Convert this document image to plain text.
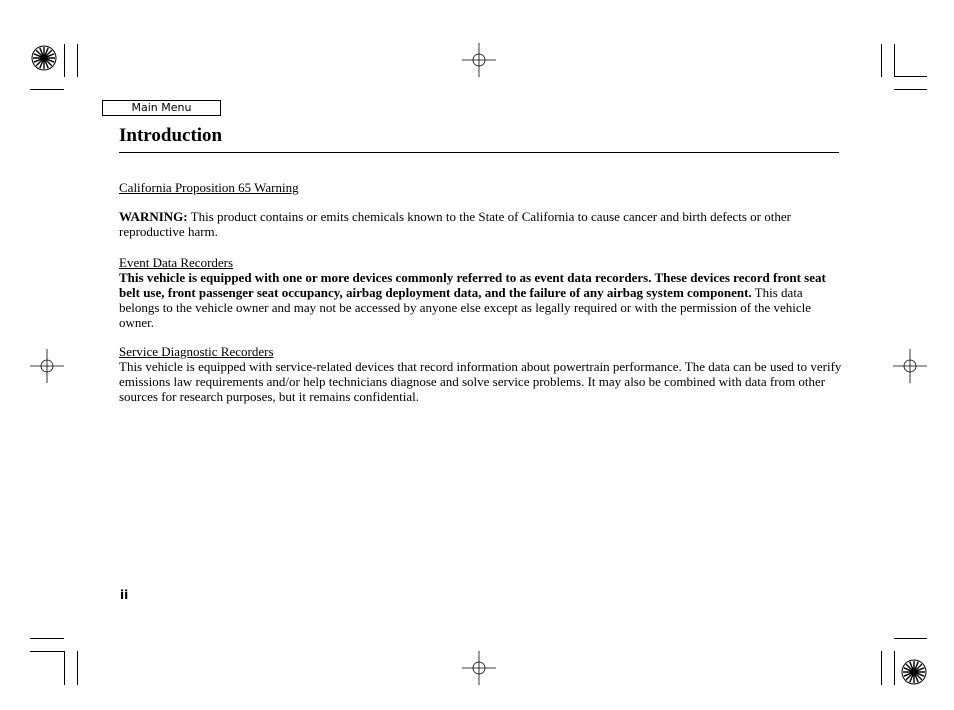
Main Menu
Introduction
California Proposition 65 Warning

WARNING: This product contains or emits chemicals known to the State of California to cause cancer and birth defects or other reproductive harm.

Event Data Recorders

This vehicle is equipped with one or more devices commonly referred to as event data recorders. These devices record front seat belt use, front passenger seat occupancy, airbag deployment data, and the failure of any airbag system component. This data belongs to the vehicle owner and may not be accessed by anyone else except as legally required or with the permission of the vehicle owner.

Service Diagnostic Recorders

This vehicle is equipped with service-related devices that record information about powertrain performance. The data can be used to verify emissions law requirements and/or help technicians diagnose and solve service problems. It may also be combined with data from other sources for research purposes, but it remains confidential.

ii
